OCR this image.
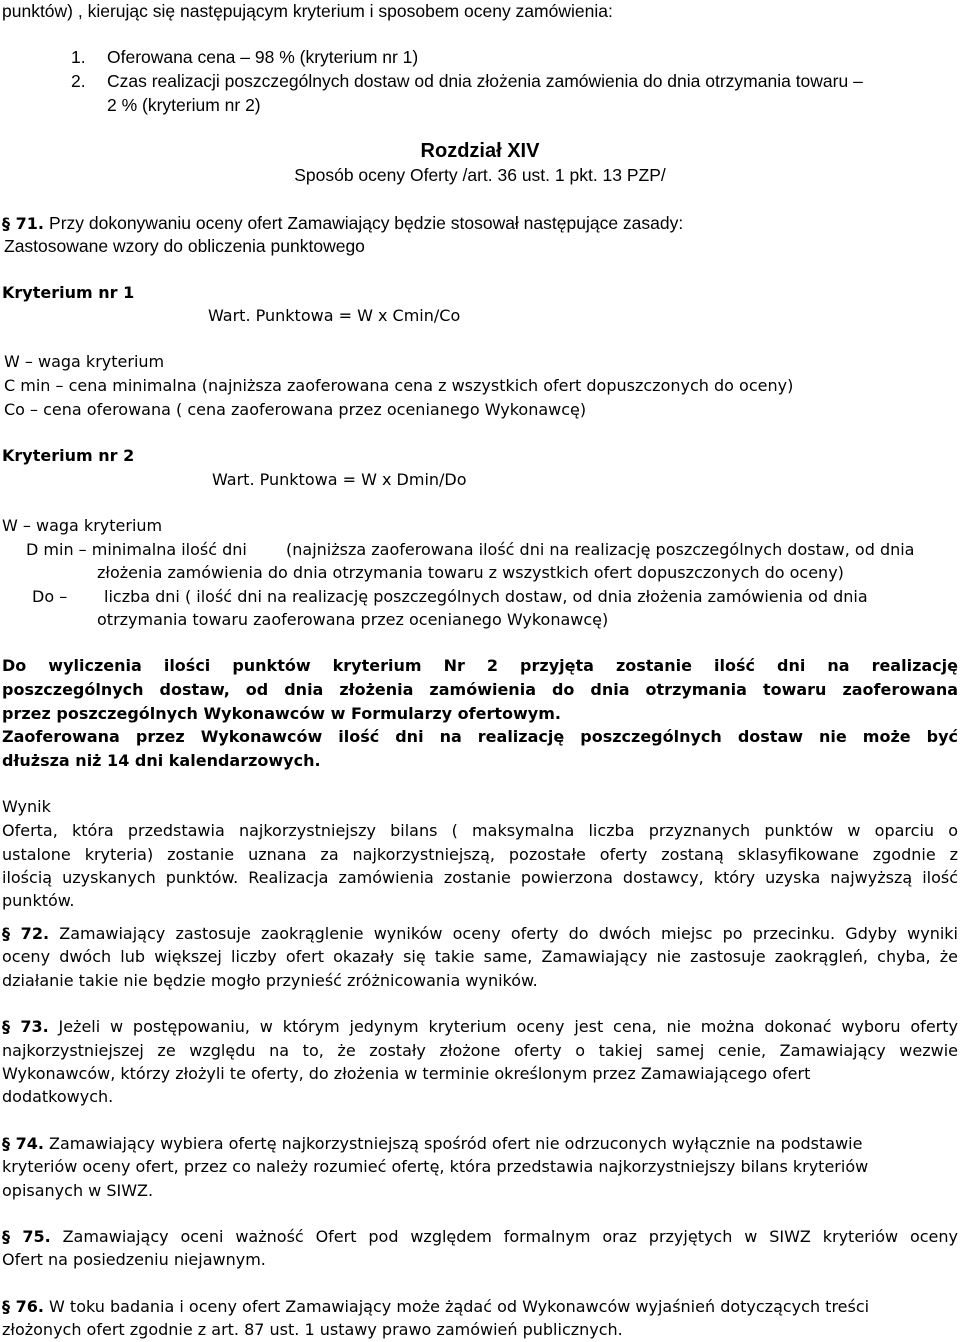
punktów) , kierując się następującym kryterium i sposobem oceny zamówienia:
1. Oferowana cena – 98 % (kryterium nr 1)
2. Czas realizacji poszczególnych dostaw od dnia złożenia zamówienia do dnia otrzymania towaru –
2 % (kryterium nr 2)
Rozdział XIV
Sposób oceny Oferty /art. 36 ust. 1 pkt. 13 PZP/
§ 71. Przy dokonywaniu oceny ofert Zamawiający będzie stosował następujące zasady:
Zastosowane wzory do obliczenia punktowego
Kryterium nr 1
Wart. Punktowa = W x Cmin/Co
W – waga kryterium
C min – cena minimalna (najniższa zaoferowana cena z wszystkich ofert dopuszczonych do oceny)
Co – cena oferowana ( cena zaoferowana przez ocenianego Wykonawcę)
Kryterium nr 2
Wart. Punktowa = W x Dmin/Do
W – waga kryterium
D min – minimalna ilość dni (najniższa zaoferowana ilość dni na realizację poszczególnych dostaw, od dnia
złożenia zamówienia do dnia otrzymania towaru z wszystkich ofert dopuszczonych do oceny)
Do – liczba dni ( ilość dni na realizację poszczególnych dostaw, od dnia złożenia zamówienia od dnia
otrzymania towaru zaoferowana przez ocenianego Wykonawcę)
Do wyliczenia ilości punktów kryterium Nr 2 przyjęta zostanie ilość dni na realizację
poszczególnych dostaw, od dnia złożenia zamówienia do dnia otrzymania towaru zaoferowana
przez poszczególnych Wykonawców w Formularzy ofertowym.
Zaoferowana przez Wykonawców ilość dni na realizację poszczególnych dostaw nie może być
dłuższa niż 14 dni kalendarzowych.
Wynik
Oferta, która przedstawia najkorzystniejszy bilans ( maksymalna liczba przyznanych punktów w oparciu o
ustalone kryteria) zostanie uznana za najkorzystniejszą, pozostałe oferty zostaną sklasyfikowane zgodnie z
ilością uzyskanych punktów. Realizacja zamówienia zostanie powierzona dostawcy, który uzyska najwyższą ilość
punktów.
§ 72. Zamawiający zastosuje zaokrąglenie wyników oceny oferty do dwóch miejsc po przecinku. Gdyby wyniki
oceny dwóch lub większej liczby ofert okazały się takie same, Zamawiający nie zastosuje zaokrągleń, chyba, że
działanie takie nie będzie mogło przynieść zróżnicowania wyników.
§ 73. Jeżeli w postępowaniu, w którym jedynym kryterium oceny jest cena, nie można dokonać wyboru oferty
najkorzystniejszej ze względu na to, że zostały złożone oferty o takiej samej cenie, Zamawiający wezwie
Wykonawców, którzy złożyli te oferty, do złożenia w terminie określonym przez Zamawiającego ofert
dodatkowych.
§ 74. Zamawiający wybiera ofertę najkorzystniejszą spośród ofert nie odrzuconych wyłącznie na podstawie
kryteriów oceny ofert, przez co należy rozumieć ofertę, która przedstawia najkorzystniejszy bilans kryteriów
opisanych w SIWZ.
§ 75. Zamawiający oceni ważność Ofert pod względem formalnym oraz przyjętych w SIWZ kryteriów oceny
Ofert na posiedzeniu niejawnym.
§ 76. W toku badania i oceny ofert Zamawiający może żądać od Wykonawców wyjaśnień dotyczących treści
złożonych ofert zgodnie z art. 87 ust. 1 ustawy prawo zamówień publicznych.
